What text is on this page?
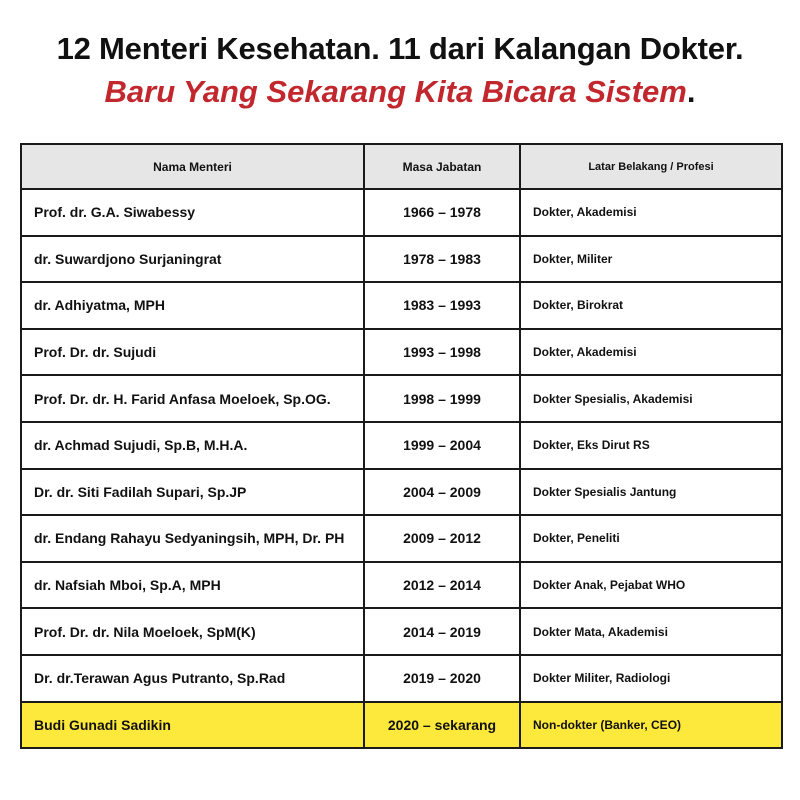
12 Menteri Kesehatan. 11 dari Kalangan Dokter.
Baru Yang Sekarang Kita Bicara Sistem.
Nama Menteri	Masa Jabatan	Latar Belakang / Profesi
Prof. dr. G.A. Siwabessy	1966 – 1978	Dokter, Akademisi
dr. Suwardjono Surjaningrat	1978 – 1983	Dokter, Militer
dr. Adhiyatma, MPH	1983 – 1993	Dokter, Birokrat
Prof. Dr. dr. Sujudi	1993 – 1998	Dokter, Akademisi
Prof. Dr. dr. H. Farid Anfasa Moeloek, Sp.OG.	1998 – 1999	Dokter Spesialis, Akademisi
dr. Achmad Sujudi, Sp.B, M.H.A.	1999 – 2004	Dokter, Eks Dirut RS
Dr. dr. Siti Fadilah Supari, Sp.JP	2004 – 2009	Dokter Spesialis Jantung
dr. Endang Rahayu Sedyaningsih, MPH, Dr. PH	2009 – 2012	Dokter, Peneliti
dr. Nafsiah Mboi, Sp.A, MPH	2012 – 2014	Dokter Anak, Pejabat WHO
Prof. Dr. dr. Nila Moeloek, SpM(K)	2014 – 2019	Dokter Mata, Akademisi
Dr. dr.Terawan Agus Putranto, Sp.Rad	2019 – 2020	Dokter Militer, Radiologi
Budi Gunadi Sadikin	2020 – sekarang	Non-dokter (Banker, CEO)
